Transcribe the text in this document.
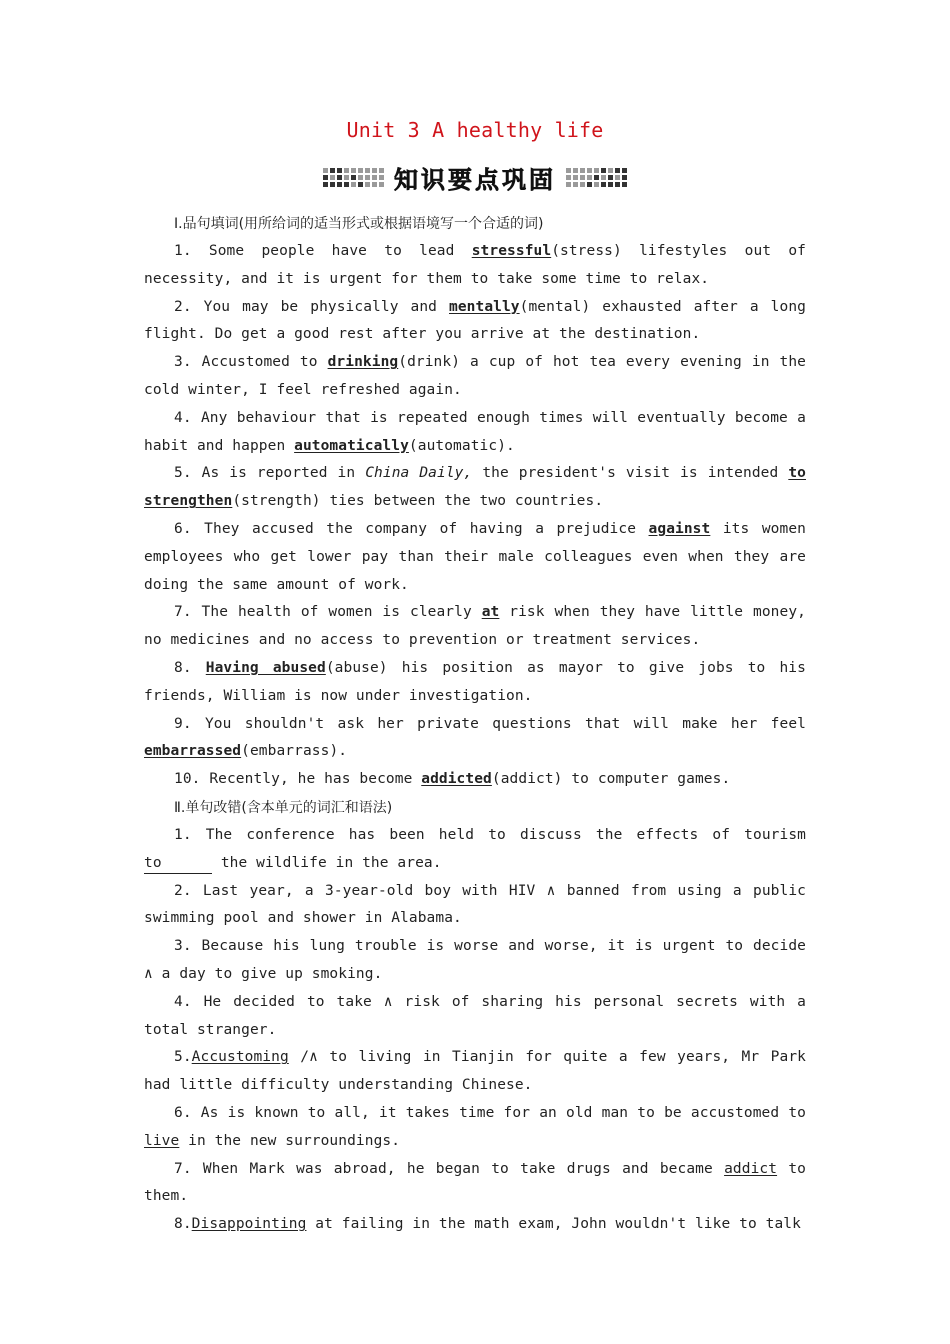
Unit 3 A healthy life
知识要点巩固

Ⅰ.品句填词(用所给词的适当形式或根据语境写一个合适的词)

1. Some people have to lead stressful(stress) lifestyles out of necessity, and it is urgent for them to take some time to relax.

2. You may be physically and mentally(mental) exhausted after a long flight. Do get a good rest after you arrive at the destination.

3. Accustomed to drinking(drink) a cup of hot tea every evening in the cold winter, I feel refreshed again.

4. Any behaviour that is repeated enough times will eventually become a habit and happen automatically(automatic).

5. As is reported in China Daily, the president's visit is intended to strengthen(strength) ties between the two countries.

6. They accused the company of having a prejudice against its women employees who get lower pay than their male colleagues even when they are doing the same amount of work.

7. The health of women is clearly at risk when they have little money, no medicines and no access to prevention or treatment services.

8. Having abused(abuse) his position as mayor to give jobs to his friends, William is now under investigation.

9. You shouldn't ask her private questions that will make her feel embarrassed(embarrass).

10. Recently, he has become addicted(addict) to computer games.

Ⅱ.单句改错(含本单元的词汇和语法)

1. The conference has been held to discuss the effects of tourism to	the wildlife in the area.

2. Last year, a 3-year-old boy with HIV ∧ banned from using a public swimming pool and shower in Alabama.

3. Because his lung trouble is worse and worse, it is urgent to decide ∧ a day to give up smoking.

4. He decided to take ∧ risk of sharing his personal secrets with a total stranger.

5.Accustoming /∧ to living in Tianjin for quite a few years, Mr Park had little difficulty understanding Chinese.

6. As is known to all, it takes time for an old man to be accustomed to live in the new surroundings.

7. When Mark was abroad, he began to take drugs and became addict to them.

8.Disappointing at failing in the math exam, John wouldn't like to talk
